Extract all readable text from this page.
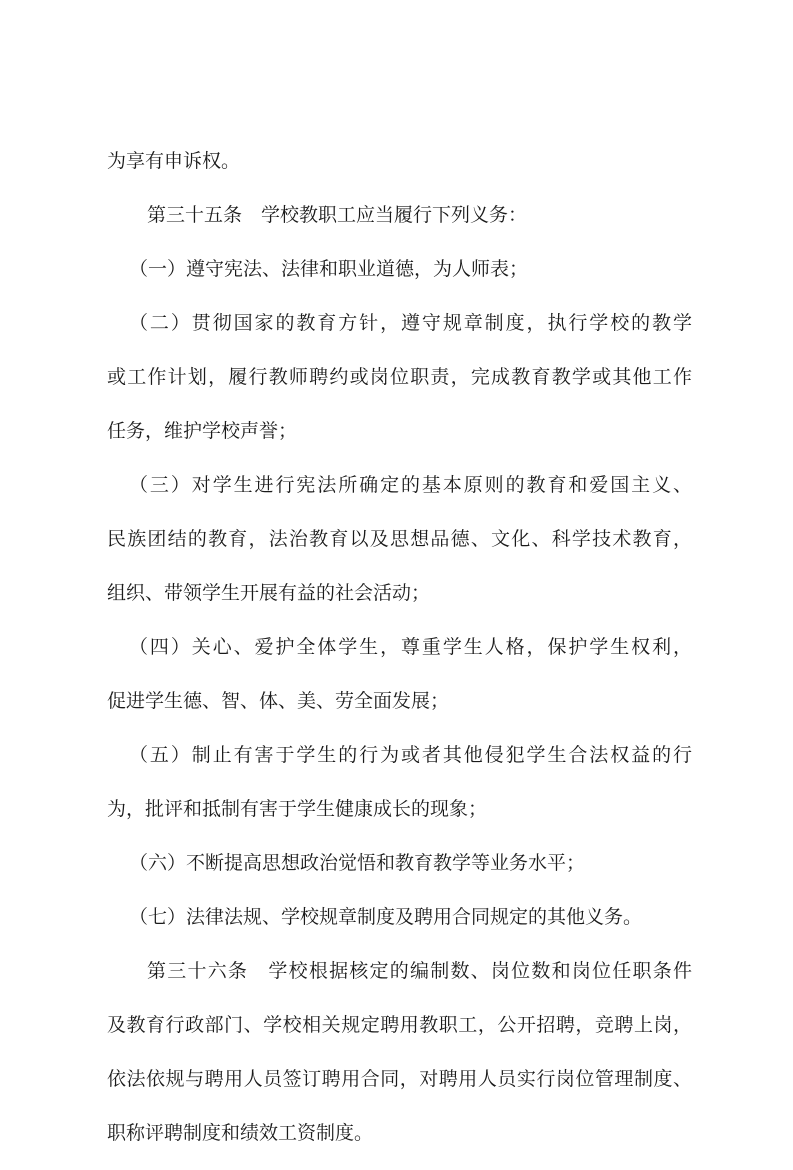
为享有申诉权。
第三十五条　学校教职工应当履行下列义务：
（一）遵守宪法、法律和职业道德，为人师表；
（二）贯彻国家的教育方针，遵守规章制度，执行学校的教学
或工作计划，履行教师聘约或岗位职责，完成教育教学或其他工作
任务，维护学校声誉；
（三）对学生进行宪法所确定的基本原则的教育和爱国主义、
民族团结的教育，法治教育以及思想品德、文化、科学技术教育，
组织、带领学生开展有益的社会活动；
（四）关心、爱护全体学生，尊重学生人格，保护学生权利，
促进学生德、智、体、美、劳全面发展；
（五）制止有害于学生的行为或者其他侵犯学生合法权益的行
为，批评和抵制有害于学生健康成长的现象；
（六）不断提高思想政治觉悟和教育教学等业务水平；
（七）法律法规、学校规章制度及聘用合同规定的其他义务。
第三十六条　学校根据核定的编制数、岗位数和岗位任职条件
及教育行政部门、学校相关规定聘用教职工，公开招聘，竞聘上岗，
依法依规与聘用人员签订聘用合同，对聘用人员实行岗位管理制度、
职称评聘制度和绩效工资制度。
